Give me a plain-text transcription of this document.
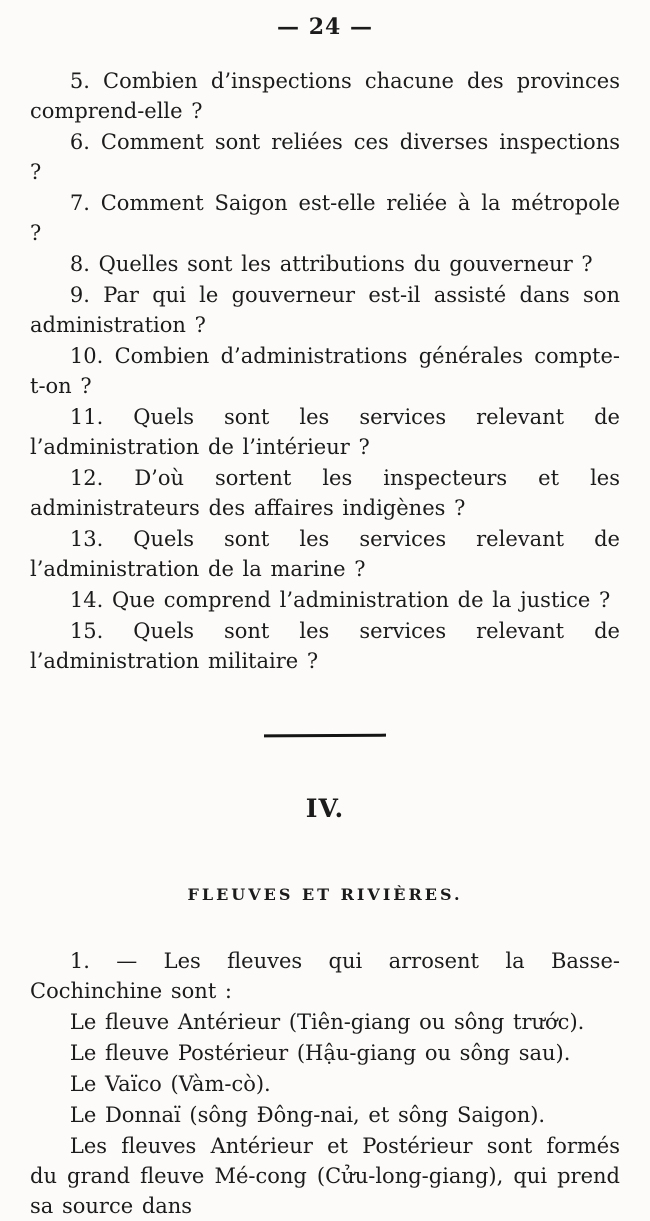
— 24 —

5. Combien d’inspections chacune des provinces comprend-elle ?

6. Comment sont reliées ces diverses inspections ?

7. Comment Saigon est-elle reliée à la métropole ?

8. Quelles sont les attributions du gouverneur ?

9. Par qui le gouverneur est-il assisté dans son administration ?

10. Combien d’administrations générales compte-t-on ?

11. Quels sont les services relevant de l’administration de l’intérieur ?

12. D’où sortent les inspecteurs et les administrateurs des affaires indigènes ?

13. Quels sont les services relevant de l’administration de la marine ?

14. Que comprend l’administration de la justice ?

15. Quels sont les services relevant de l’administration militaire ?

IV.
FLEUVES ET RIVIÈRES.

1. — Les fleuves qui arrosent la Basse-Cochinchine sont :

Le fleuve Antérieur (Tiên-giang ou sông trước).

Le fleuve Postérieur (Hậu-giang ou sông sau).

Le Vaïco (Vàm-cò).

Le Donnaï (sông Đông-nai, et sông Saigon).

Les fleuves Antérieur et Postérieur sont formés du grand fleuve Mé-cong (Cửu-long-giang), qui prend sa source dans
